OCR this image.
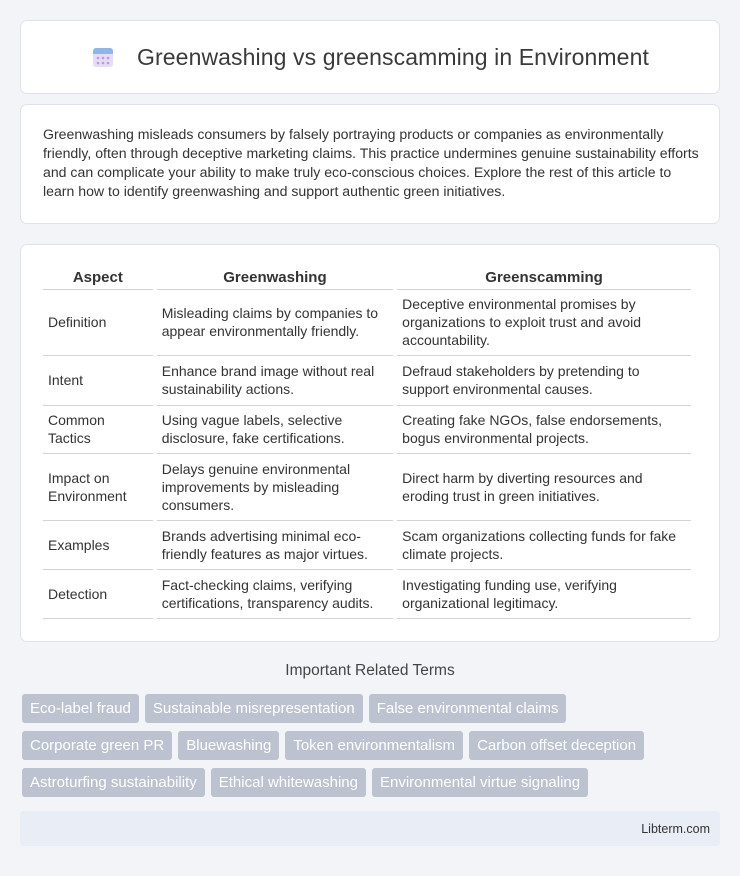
Greenwashing vs greenscamming in Environment

Greenwashing misleads consumers by falsely portraying products or companies as environmentally friendly, often through deceptive marketing claims. This practice undermines genuine sustainability efforts and can complicate your ability to make truly eco-conscious choices. Explore the rest of this article to learn how to identify greenwashing and support authentic green initiatives.

Aspect	Greenwashing	Greenscamming
Definition	Misleading claims by companies to appear environmentally friendly.	Deceptive environmental promises by organizations to exploit trust and avoid accountability.
Intent	Enhance brand image without real sustainability actions.	Defraud stakeholders by pretending to support environmental causes.
Common Tactics	Using vague labels, selective disclosure, fake certifications.	Creating fake NGOs, false endorsements, bogus environmental projects.
Impact on Environment	Delays genuine environmental improvements by misleading consumers.	Direct harm by diverting resources and eroding trust in green initiatives.
Examples	Brands advertising minimal eco-friendly features as major virtues.	Scam organizations collecting funds for fake climate projects.
Detection	Fact-checking claims, verifying certifications, transparency audits.	Investigating funding use, verifying organizational legitimacy.
Important Related Terms
Eco-label fraud	Sustainable misrepresentation	False environmental claims
Corporate green PR	Bluewashing	Token environmentalism	Carbon offset deception
Astroturfing sustainability	Ethical whitewashing	Environmental virtue signaling
Libterm.com
